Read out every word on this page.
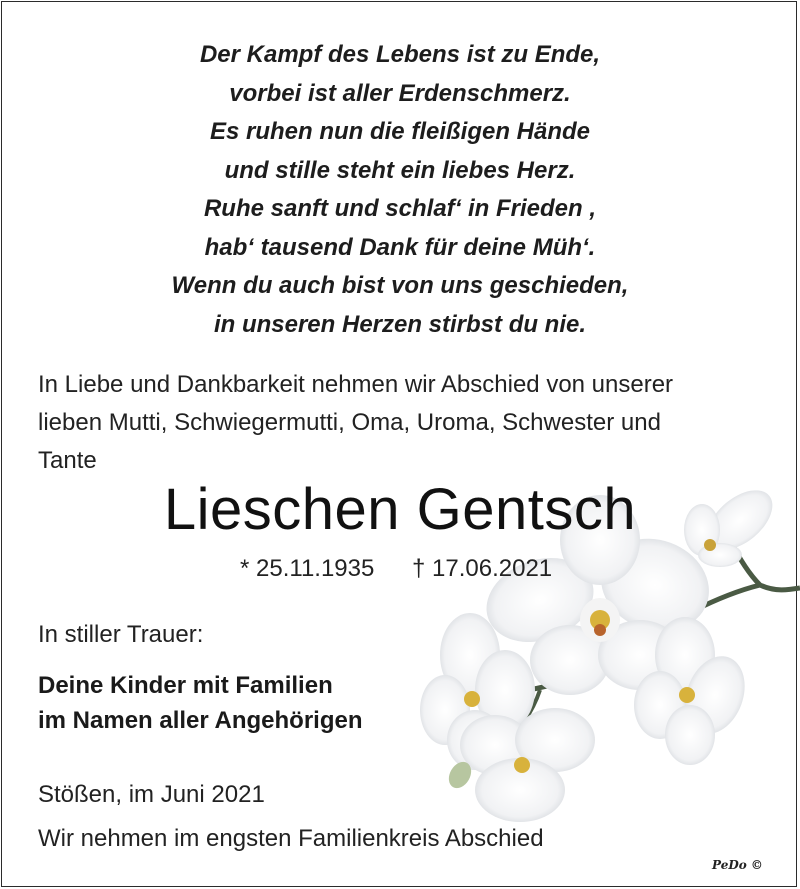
Der Kampf des Lebens ist zu Ende,
vorbei ist aller Erdenschmerz.
Es ruhen nun die fleißigen Hände
und stille steht ein liebes Herz.
Ruhe sanft und schlaf‘ in Frieden ,
hab‘ tausend Dank für deine Müh‘.
Wenn du auch bist von uns geschieden,
in unseren Herzen stirbst du nie.
In Liebe und Dankbarkeit nehmen wir Abschied von unserer
lieben Mutti, Schwiegermutti, Oma, Uroma, Schwester und
Tante
Lieschen Gentsch
* 25.11.1935 † 17.06.2021
In stiller Trauer:
Deine Kinder mit Familien
im Namen aller Angehörigen
Stößen, im Juni 2021
Wir nehmen im engsten Familienkreis Abschied
PeDo ©
